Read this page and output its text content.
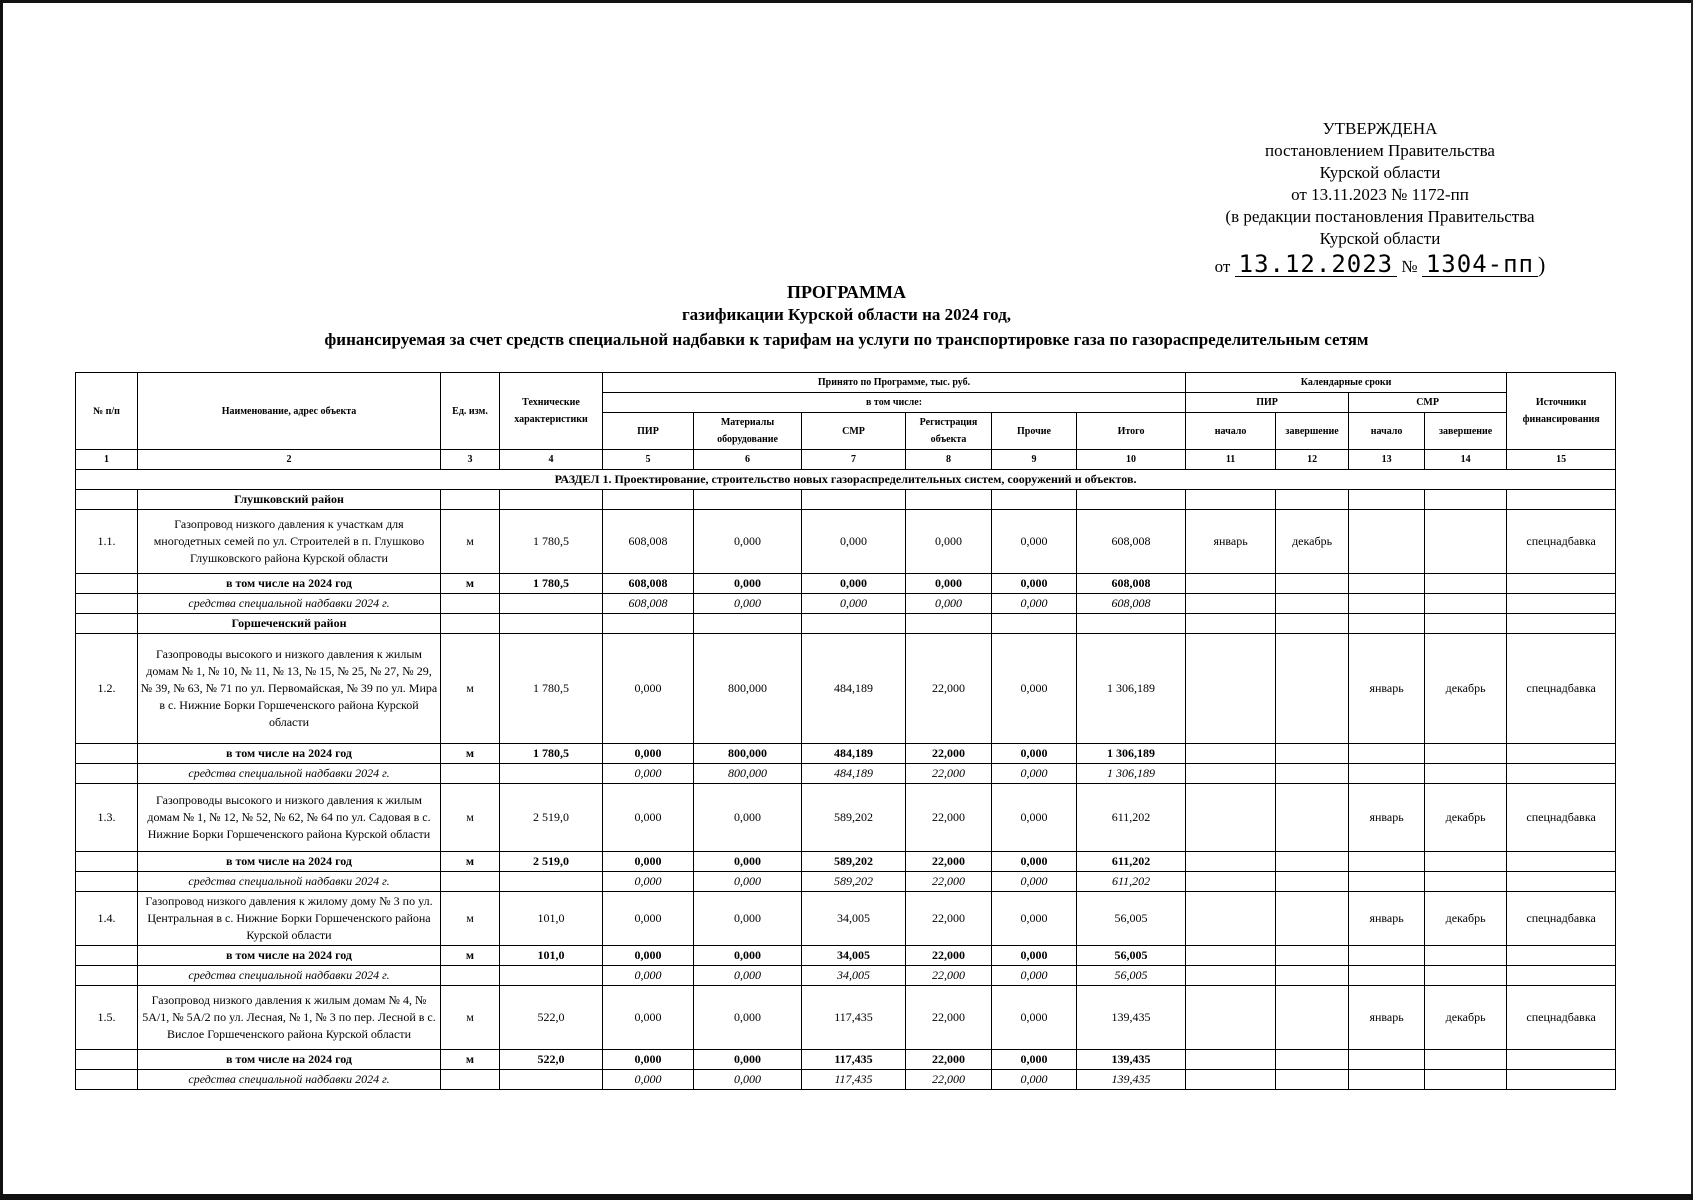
УТВЕРЖДЕНА
постановлением Правительства
Курской области
от 13.11.2023 № 1172-пп
(в редакции постановления Правительства
Курской области
от 13.12.2023 № 1304-пп )
ПРОГРАММА
газификации Курской области на 2024 год,
финансируемая за счет средств специальной надбавки к тарифам на услуги по транспортировке газа по газораспределительным сетям
№ п/п	Наименование, адрес объекта	Ед. изм.	Технические характеристики	Принято по Программе, тыс. руб.						Календарные сроки				Источники финансирования
				в том числе:						ПИР		СМР		
				ПИР	Материалы оборудование	СМР	Регистрация объекта	Прочие	Итого	начало	завершение	начало	завершение	
1	2	3	4	5	6	7	8	9	10	11	12	13	14	15
РАЗДЕЛ 1. Проектирование, строительство новых газораспределительных систем, сооружений и объектов.														
	Глушковский район													
1.1.	Газопровод низкого давления к участкам для многодетных семей по ул. Строителей в п. Глушково Глушковского района Курской области	м	1 780,5	608,008	0,000	0,000	0,000	0,000	608,008	январь	декабрь			спецнадбавка
	в том числе на 2024 год	м	1 780,5	608,008	0,000	0,000	0,000	0,000	608,008					
	средства специальной надбавки 2024 г.			608,008	0,000	0,000	0,000	0,000	608,008					
	Горшеченский район													
1.2.	Газопроводы высокого и низкого давления к жилым домам № 1, № 10, № 11, № 13, № 15, № 25, № 27, № 29, № 39, № 63, № 71 по ул. Первомайская, № 39 по ул. Мира в с. Нижние Борки Горшеченского района Курской области	м	1 780,5	0,000	800,000	484,189	22,000	0,000	1 306,189			январь	декабрь	спецнадбавка
	в том числе на 2024 год	м	1 780,5	0,000	800,000	484,189	22,000	0,000	1 306,189					
	средства специальной надбавки 2024 г.			0,000	800,000	484,189	22,000	0,000	1 306,189					
1.3.	Газопроводы высокого и низкого давления к жилым домам № 1, № 12, № 52, № 62, № 64 по ул. Садовая в с. Нижние Борки Горшеченского района Курской области	м	2 519,0	0,000	0,000	589,202	22,000	0,000	611,202			январь	декабрь	спецнадбавка
	в том числе на 2024 год	м	2 519,0	0,000	0,000	589,202	22,000	0,000	611,202					
	средства специальной надбавки 2024 г.			0,000	0,000	589,202	22,000	0,000	611,202					
1.4.	Газопровод низкого давления к жилому дому № 3 по ул. Центральная в с. Нижние Борки Горшеченского района Курской области	м	101,0	0,000	0,000	34,005	22,000	0,000	56,005			январь	декабрь	спецнадбавка
	в том числе на 2024 год	м	101,0	0,000	0,000	34,005	22,000	0,000	56,005					
	средства специальной надбавки 2024 г.			0,000	0,000	34,005	22,000	0,000	56,005					
1.5.	Газопровод низкого давления к жилым домам № 4, № 5А/1, № 5А/2 по ул. Лесная, № 1, № 3 по пер. Лесной в с. Вислое Горшеченского района Курской области	м	522,0	0,000	0,000	117,435	22,000	0,000	139,435			январь	декабрь	спецнадбавка
	в том числе на 2024 год	м	522,0	0,000	0,000	117,435	22,000	0,000	139,435					
	средства специальной надбавки 2024 г.			0,000	0,000	117,435	22,000	0,000	139,435					
